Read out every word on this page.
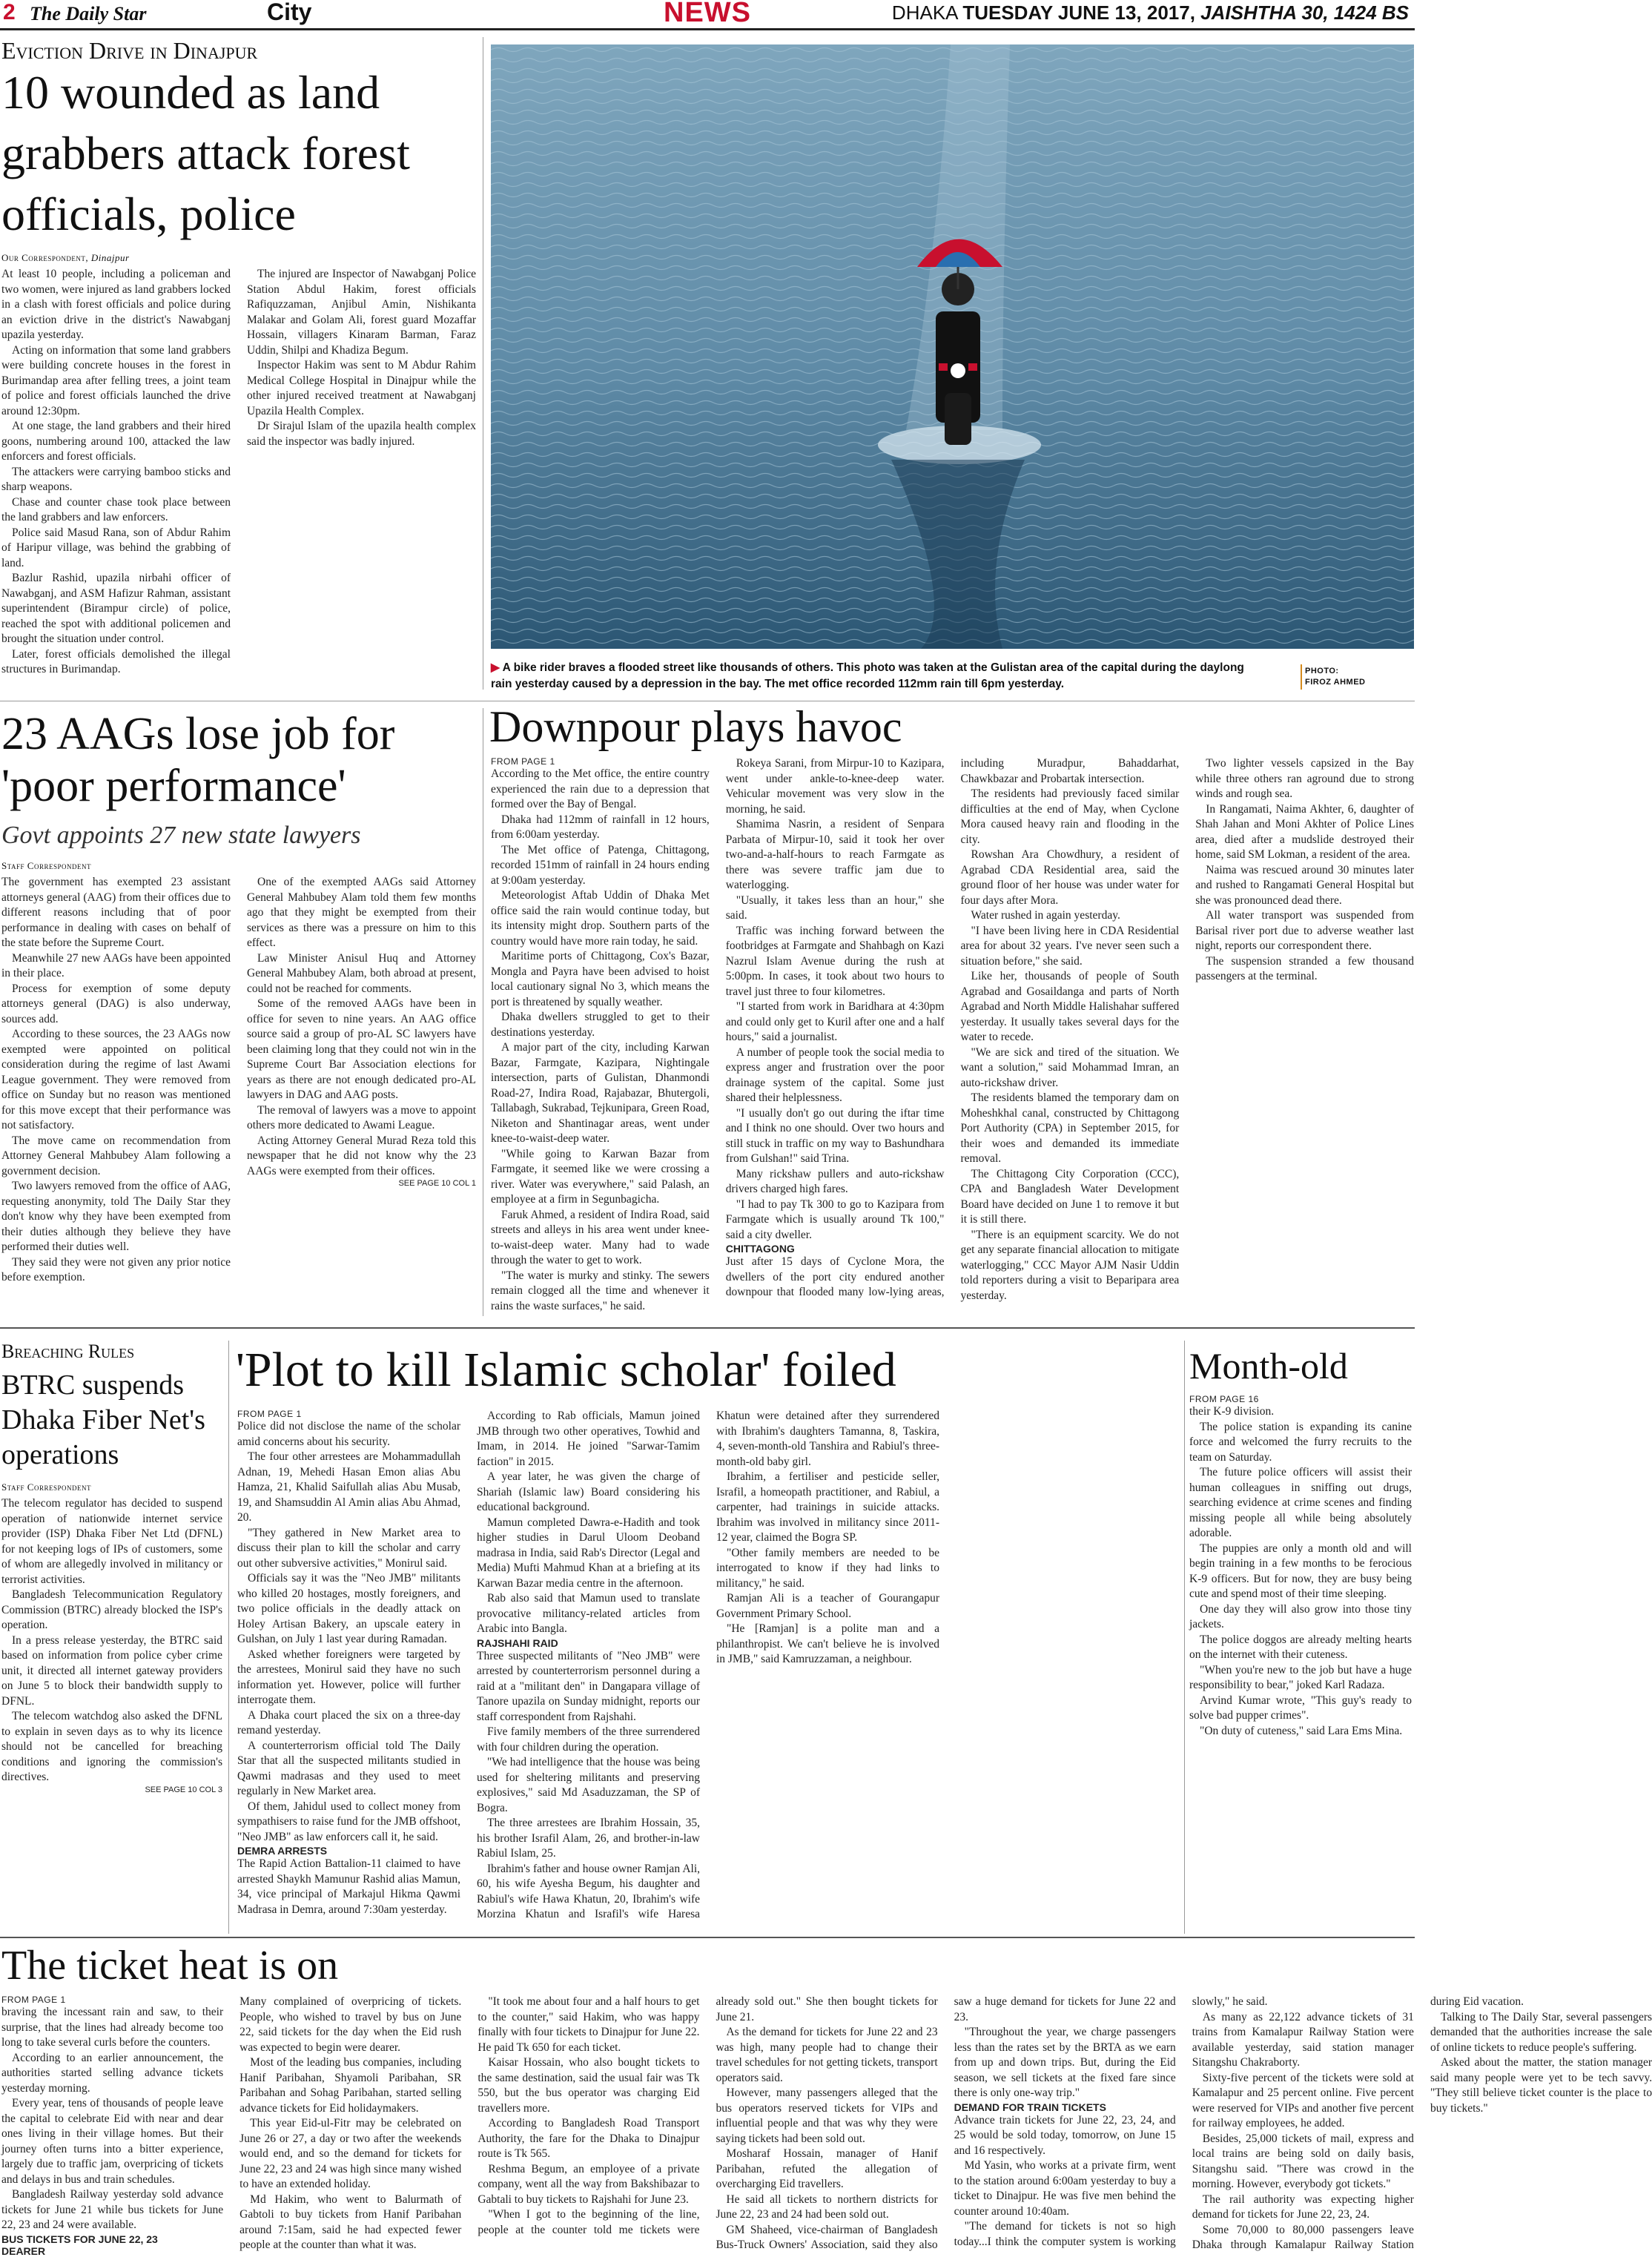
2 The Daily Star	City	NEWS	DHAKA TUESDAY JUNE 13, 2017, JAISHTHA 30, 1424 BS
Eviction Drive in Dinajpur
10 wounded as land grabbers attack forest officials, police
Our Correspondent, Dinajpur

At least 10 people, including a policeman and two women, were injured as land grabbers locked in a clash with forest officials and police during an eviction drive in the district's Nawabganj upazila yesterday.

Acting on information that some land grabbers were building concrete houses in the forest in Burimandap area after felling trees, a joint team of police and forest officials launched the drive around 12:30pm.

At one stage, the land grabbers and their hired goons, numbering around 100, attacked the law enforcers and forest officials.

The attackers were carrying bamboo sticks and sharp weapons.

Chase and counter chase took place between the land grabbers and law enforcers.

Police said Masud Rana, son of Abdur Rahim of Haripur village, was behind the grabbing of land.

Bazlur Rashid, upazila nirbahi officer of Nawabganj, and ASM Hafizur Rahman, assistant superintendent (Birampur circle) of police, reached the spot with additional policemen and brought the situation under control.

Later, forest officials demolished the illegal structures in Burimandap.

The injured are Inspector of Nawabganj Police Station Abdul Hakim, forest officials Rafiquzzaman, Anjibul Amin, Nishikanta Malakar and Golam Ali, forest guard Mozaffar Hossain, villagers Kinaram Barman, Faraz Uddin, Shilpi and Khadiza Begum.

Inspector Hakim was sent to M Abdur Rahim Medical College Hospital in Dinajpur while the other injured received treatment at Nawabganj Upazila Health Complex.

Dr Sirajul Islam of the upazila health complex said the inspector was badly injured.

▶ A bike rider braves a flooded street like thousands of others. This photo was taken at the Gulistan area of the capital during the daylong rain yesterday caused by a depression in the bay. The met office recorded 112mm rain till 6pm yesterday.
PHOTO:
FIROZ AHMED
23 AAGs lose job for 'poor performance'
Govt appoints 27 new state lawyers
Staff Correspondent

The government has exempted 23 assistant attorneys general (AAG) from their offices due to different reasons including that of poor performance in dealing with cases on behalf of the state before the Supreme Court.

Meanwhile 27 new AAGs have been appointed in their place.

Process for exemption of some deputy attorneys general (DAG) is also underway, sources add.

According to these sources, the 23 AAGs now exempted were appointed on political consideration during the regime of last Awami League government. They were removed from office on Sunday but no reason was mentioned for this move except that their performance was not satisfactory.

The move came on recommendation from Attorney General Mahbubey Alam following a government decision.

Two lawyers removed from the office of AAG, requesting anonymity, told The Daily Star they don't know why they have been exempted from their duties although they believe they have performed their duties well.

They said they were not given any prior notice before exemption.

One of the exempted AAGs said Attorney General Mahbubey Alam told them few months ago that they might be exempted from their services as there was a pressure on him to this effect.

Law Minister Anisul Huq and Attorney General Mahbubey Alam, both abroad at present, could not be reached for comments.

Some of the removed AAGs have been in office for seven to nine years. An AAG office source said a group of pro-AL SC lawyers have been claiming long that they could not win in the Supreme Court Bar Association elections for years as there are not enough dedicated pro-AL lawyers in DAG and AAG posts.

The removal of lawyers was a move to appoint others more dedicated to Awami League.

Acting Attorney General Murad Reza told this newspaper that he did not know why the 23 AAGs were exempted from their offices.

SEE PAGE 10 COL 1
Downpour plays havoc
FROM PAGE 1

According to the Met office, the entire country experienced the rain due to a depression that formed over the Bay of Bengal.

Dhaka had 112mm of rainfall in 12 hours, from 6:00am yesterday.

The Met office of Patenga, Chittagong, recorded 151mm of rainfall in 24 hours ending at 9:00am yesterday.

Meteorologist Aftab Uddin of Dhaka Met office said the rain would continue today, but its intensity might drop. Southern parts of the country would have more rain today, he said.

Maritime ports of Chittagong, Cox's Bazar, Mongla and Payra have been advised to hoist local cautionary signal No 3, which means the port is threatened by squally weather.

Dhaka dwellers struggled to get to their destinations yesterday.

A major part of the city, including Karwan Bazar, Farmgate, Kazipara, Nightingale intersection, parts of Gulistan, Dhanmondi Road-27, Indira Road, Rajabazar, Bhutergoli, Tallabagh, Sukrabad, Tejkunipara, Green Road, Niketon and Shantinagar areas, went under knee-to-waist-deep water.

"While going to Karwan Bazar from Farmgate, it seemed like we were crossing a river. Water was everywhere," said Palash, an employee at a firm in Segunbagicha.

Faruk Ahmed, a resident of Indira Road, said streets and alleys in his area went under knee-to-waist-deep water. Many had to wade through the water to get to work.

"The water is murky and stinky. The sewers remain clogged all the time and whenever it rains the waste surfaces," he said.

Rokeya Sarani, from Mirpur-10 to Kazipara, went under ankle-to-knee-deep water. Vehicular movement was very slow in the morning, he said.

Shamima Nasrin, a resident of Senpara Parbata of Mirpur-10, said it took her over two-and-a-half-hours to reach Farmgate as there was severe traffic jam due to waterlogging.

"Usually, it takes less than an hour," she said.

Traffic was inching forward between the footbridges at Farmgate and Shahbagh on Kazi Nazrul Islam Avenue during the rush at 5:00pm. In cases, it took about two hours to travel just three to four kilometres.

"I started from work in Baridhara at 4:30pm and could only get to Kuril after one and a half hours," said a journalist.

A number of people took the social media to express anger and frustration over the poor drainage system of the capital. Some just shared their helplessness.

"I usually don't go out during the iftar time and I think no one should. Over two hours and still stuck in traffic on my way to Bashundhara from Gulshan!" said Trina.

Many rickshaw pullers and auto-rickshaw drivers charged high fares.

"I had to pay Tk 300 to go to Kazipara from Farmgate which is usually around Tk 100," said a city dweller.

CHITTAGONG

Just after 15 days of Cyclone Mora, the dwellers of the port city endured another downpour that flooded many low-lying areas, including Muradpur, Bahaddarhat, Chawkbazar and Probartak intersection.

The residents had previously faced similar difficulties at the end of May, when Cyclone Mora caused heavy rain and flooding in the city.

Rowshan Ara Chowdhury, a resident of Agrabad CDA Residential area, said the ground floor of her house was under water for four days after Mora.

Water rushed in again yesterday.

"I have been living here in CDA Residential area for about 32 years. I've never seen such a situation before," she said.

Like her, thousands of people of South Agrabad and Gosaildanga and parts of North Agrabad and North Middle Halishahar suffered yesterday. It usually takes several days for the water to recede.

"We are sick and tired of the situation. We want a solution," said Mohammad Imran, an auto-rickshaw driver.

The residents blamed the temporary dam on Moheshkhal canal, constructed by Chittagong Port Authority (CPA) in September 2015, for their woes and demanded its immediate removal.

The Chittagong City Corporation (CCC), CPA and Bangladesh Water Development Board have decided on June 1 to remove it but it is still there.

"There is an equipment scarcity. We do not get any separate financial allocation to mitigate waterlogging," CCC Mayor AJM Nasir Uddin told reporters during a visit to Beparipara area yesterday.

Two lighter vessels capsized in the Bay while three others ran aground due to strong winds and rough sea.

In Rangamati, Naima Akhter, 6, daughter of Shah Jahan and Moni Akhter of Police Lines area, died after a mudslide destroyed their home, said SM Lokman, a resident of the area.

Naima was rescued around 30 minutes later and rushed to Rangamati General Hospital but she was pronounced dead there.

All water transport was suspended from Barisal river port due to adverse weather last night, reports our correspondent there.

The suspension stranded a few thousand passengers at the terminal.

Breaching Rules
BTRC suspends Dhaka Fiber Net's operations
Staff Correspondent

The telecom regulator has decided to suspend operation of nationwide internet service provider (ISP) Dhaka Fiber Net Ltd (DFNL) for not keeping logs of IPs of customers, some of whom are allegedly involved in militancy or terrorist activities.

Bangladesh Telecommunication Regulatory Commission (BTRC) already blocked the ISP's operation.

In a press release yesterday, the BTRC said based on information from police cyber crime unit, it directed all internet gateway providers on June 5 to block their bandwidth supply to DFNL.

The telecom watchdog also asked the DFNL to explain in seven days as to why its licence should not be cancelled for breaching conditions and ignoring the commission's directives.

SEE PAGE 10 COL 3
'Plot to kill Islamic scholar' foiled
FROM PAGE 1

Police did not disclose the name of the scholar amid concerns about his security.

The four other arrestees are Mohammadullah Adnan, 19, Mehedi Hasan Emon alias Abu Hamza, 21, Khalid Saifullah alias Abu Musab, 19, and Shamsuddin Al Amin alias Abu Ahmad, 20.

"They gathered in New Market area to discuss their plan to kill the scholar and carry out other subversive activities," Monirul said.

Officials say it was the "Neo JMB" militants who killed 20 hostages, mostly foreigners, and two police officials in the deadly attack on Holey Artisan Bakery, an upscale eatery in Gulshan, on July 1 last year during Ramadan.

Asked whether foreigners were targeted by the arrestees, Monirul said they have no such information yet. However, police will further interrogate them.

A Dhaka court placed the six on a three-day remand yesterday.

A counterterrorism official told The Daily Star that all the suspected militants studied in Qawmi madrasas and they used to meet regularly in New Market area.

Of them, Jahidul used to collect money from sympathisers to raise fund for the JMB offshoot, "Neo JMB" as law enforcers call it, he said.

DEMRA ARRESTS

The Rapid Action Battalion-11 claimed to have arrested Shaykh Mamunur Rashid alias Mamun, 34, vice principal of Markajul Hikma Qawmi Madrasa in Demra, around 7:30am yesterday.

According to Rab officials, Mamun joined JMB through two other operatives, Towhid and Imam, in 2014. He joined "Sarwar-Tamim faction" in 2015.

A year later, he was given the charge of Shariah (Islamic law) Board considering his educational background.

Mamun completed Dawra-e-Hadith and took higher studies in Darul Uloom Deoband madrasa in India, said Rab's Director (Legal and Media) Mufti Mahmud Khan at a briefing at its Karwan Bazar media centre in the afternoon.

Rab also said that Mamun used to translate provocative militancy-related articles from Arabic into Bangla.

RAJSHAHI RAID

Three suspected militants of "Neo JMB" were arrested by counterterrorism personnel during a raid at a "militant den" in Dangapara village of Tanore upazila on Sunday midnight, reports our staff correspondent from Rajshahi.

Five family members of the three surrendered with four children during the operation.

"We had intelligence that the house was being used for sheltering militants and preserving explosives," said Md Asaduzzaman, the SP of Bogra.

The three arrestees are Ibrahim Hossain, 35, his brother Israfil Alam, 26, and brother-in-law Rabiul Islam, 25.

Ibrahim's father and house owner Ramjan Ali, 60, his wife Ayesha Begum, his daughter and Rabiul's wife Hawa Khatun, 20, Ibrahim's wife Morzina Khatun and Israfil's wife Haresa Khatun were detained after they surrendered with Ibrahim's daughters Tamanna, 8, Taskira, 4, seven-month-old Tanshira and Rabiul's three-month-old baby girl.

Ibrahim, a fertiliser and pesticide seller, Israfil, a homeopath practitioner, and Rabiul, a carpenter, had trainings in suicide attacks. Ibrahim was involved in militancy since 2011-12 year, claimed the Bogra SP.

"Other family members are needed to be interrogated to know if they had links to militancy," he said.

Ramjan Ali is a teacher of Gourangapur Government Primary School.

"He [Ramjan] is a polite man and a philanthropist. We can't believe he is involved in JMB," said Kamruzzaman, a neighbour.

Month-old
FROM PAGE 16

their K-9 division.

The police station is expanding its canine force and welcomed the furry recruits to the team on Saturday.

The future police officers will assist their human colleagues in sniffing out drugs, searching evidence at crime scenes and finding missing people all while being absolutely adorable.

The puppies are only a month old and will begin training in a few months to be ferocious K-9 officers. But for now, they are busy being cute and spend most of their time sleeping.

One day they will also grow into those tiny jackets.

The police doggos are already melting hearts on the internet with their cuteness.

"When you're new to the job but have a huge responsibility to bear," joked Karl Radaza.

Arvind Kumar wrote, "This guy's ready to solve bad pupper crimes".

"On duty of cuteness," said Lara Ems Mina.

The ticket heat is on
FROM PAGE 1

braving the incessant rain and saw, to their surprise, that the lines had already become too long to take several curls before the counters.

According to an earlier announcement, the authorities started selling advance tickets yesterday morning.

Every year, tens of thousands of people leave the capital to celebrate Eid with near and dear ones living in their village homes. But their journey often turns into a bitter experience, largely due to traffic jam, overpricing of tickets and delays in bus and train schedules.

Bangladesh Railway yesterday sold advance tickets for June 21 while bus tickets for June 22, 23 and 24 were available.

BUS TICKETS FOR JUNE 22, 23
DEARER

Many complained of overpricing of tickets. People, who wished to travel by bus on June 22, said tickets for the day when the Eid rush was expected to begin were dearer.

Most of the leading bus companies, including Hanif Paribahan, Shyamoli Paribahan, SR Paribahan and Sohag Paribahan, started selling advance tickets for Eid holidaymakers.

This year Eid-ul-Fitr may be celebrated on June 26 or 27, a day or two after the weekends would end, and so the demand for tickets for June 22, 23 and 24 was high since many wished to have an extended holiday.

Md Hakim, who went to Balurmath of Gabtoli to buy tickets from Hanif Paribahan around 7:15am, said he had expected fewer people at the counter than what it was.

"It took me about four and a half hours to get to the counter," said Hakim, who was happy finally with four tickets to Dinajpur for June 22. He paid Tk 650 for each ticket.

Kaisar Hossain, who also bought tickets to the same destination, said the usual fair was Tk 550, but the bus operator was charging Eid travellers more.

According to Bangladesh Road Transport Authority, the fare for the Dhaka to Dinajpur route is Tk 565.

Reshma Begum, an employee of a private company, went all the way from Bakshibazar to Gabtali to buy tickets to Rajshahi for June 23.

"When I got to the beginning of the line, people at the counter told me tickets were already sold out." She then bought tickets for June 21.

As the demand for tickets for June 22 and 23 was high, many people had to change their travel schedules for not getting tickets, transport operators said.

However, many passengers alleged that the bus operators reserved tickets for VIPs and influential people and that was why they were saying tickets had been sold out.

Mosharaf Hossain, manager of Hanif Paribahan, refuted the allegation of overcharging Eid travellers.

He said all tickets to northern districts for June 22, 23 and 24 had been sold out.

GM Shaheed, vice-chairman of Bangladesh Bus-Truck Owners' Association, said they also saw a huge demand for tickets for June 22 and 23.

"Throughout the year, we charge passengers less than the rates set by the BRTA as we earn from up and down trips. But, during the Eid season, we sell tickets at the fixed fare since there is only one-way trip."

DEMAND FOR TRAIN TICKETS

Advance train tickets for June 22, 23, 24, and 25 would be sold today, tomorrow, on June 15 and 16 respectively.

Md Yasin, who works at a private firm, went to the station around 6:00am yesterday to buy a ticket to Dinajpur. He was five men behind the counter around 10:40am.

"The demand for tickets is not so high today...I think the computer system is working slowly," he said.

As many as 22,122 advance tickets of 31 trains from Kamalapur Railway Station were available yesterday, said station manager Sitangshu Chakraborty.

Sixty-five percent of the tickets were sold at Kamalapur and 25 percent online. Five percent were reserved for VIPs and another five percent for railway employees, he added.

Besides, 25,000 tickets of mail, express and local trains are being sold on daily basis, Sitangshu said. "There was crowd in the morning. However, everybody got tickets."

The rail authority was expecting higher demand for tickets for June 22, 23, 24.

Some 70,000 to 80,000 passengers leave Dhaka through Kamalapur Railway Station during Eid vacation.

Talking to The Daily Star, several passengers demanded that the authorities increase the sale of online tickets to reduce people's suffering.

Asked about the matter, the station manager said many people were yet to be tech savvy. "They still believe ticket counter is the place to buy tickets."
